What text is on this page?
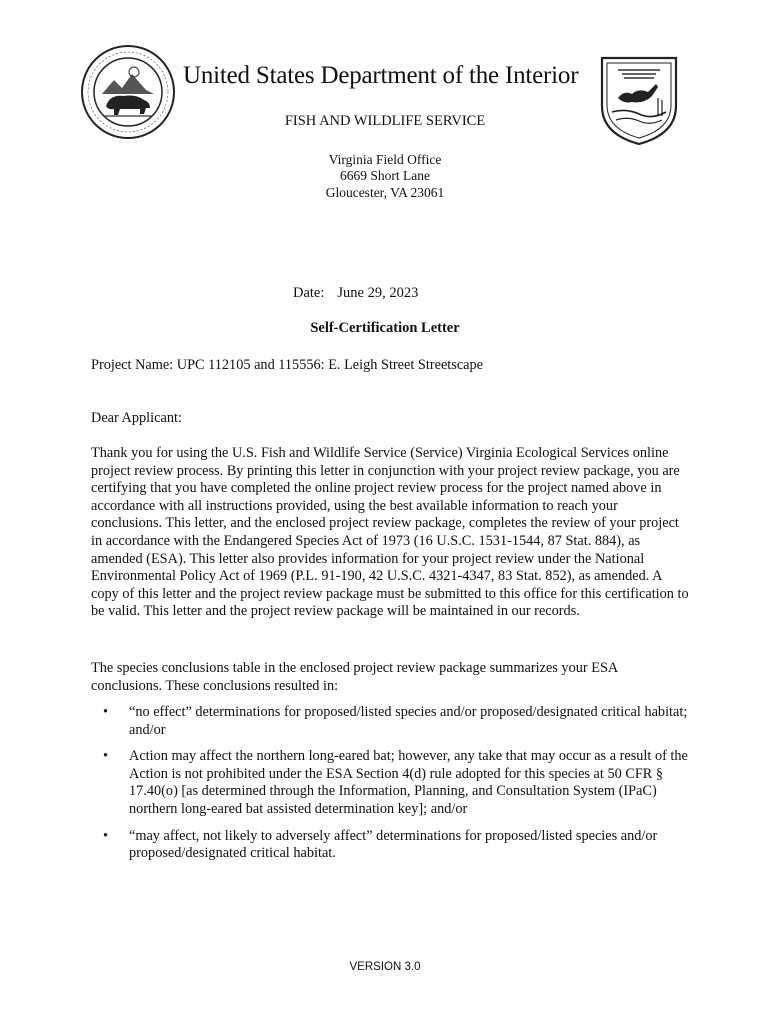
United States Department of the Interior
FISH AND WILDLIFE SERVICE
Virginia Field Office
6669 Short Lane
Gloucester, VA 23061
Date: June 29, 2023
Self-Certification Letter
Project Name: UPC 112105 and 115556: E. Leigh Street Streetscape
Dear Applicant:
Thank you for using the U.S. Fish and Wildlife Service (Service) Virginia Ecological Services online project review process. By printing this letter in conjunction with your project review package, you are certifying that you have completed the online project review process for the project named above in accordance with all instructions provided, using the best available information to reach your conclusions. This letter, and the enclosed project review package, completes the review of your project in accordance with the Endangered Species Act of 1973 (16 U.S.C. 1531-1544, 87 Stat. 884), as amended (ESA). This letter also provides information for your project review under the National Environmental Policy Act of 1969 (P.L. 91-190, 42 U.S.C. 4321-4347, 83 Stat. 852), as amended. A copy of this letter and the project review package must be submitted to this office for this certification to be valid. This letter and the project review package will be maintained in our records.
The species conclusions table in the enclosed project review package summarizes your ESA conclusions. These conclusions resulted in:
• “no effect” determinations for proposed/listed species and/or proposed/designated critical habitat; and/or
• Action may affect the northern long-eared bat; however, any take that may occur as a result of the Action is not prohibited under the ESA Section 4(d) rule adopted for this species at 50 CFR § 17.40(o) [as determined through the Information, Planning, and Consultation System (IPaC) northern long-eared bat assisted determination key]; and/or
• “may affect, not likely to adversely affect” determinations for proposed/listed species and/or proposed/designated critical habitat.
VERSION 3.0
